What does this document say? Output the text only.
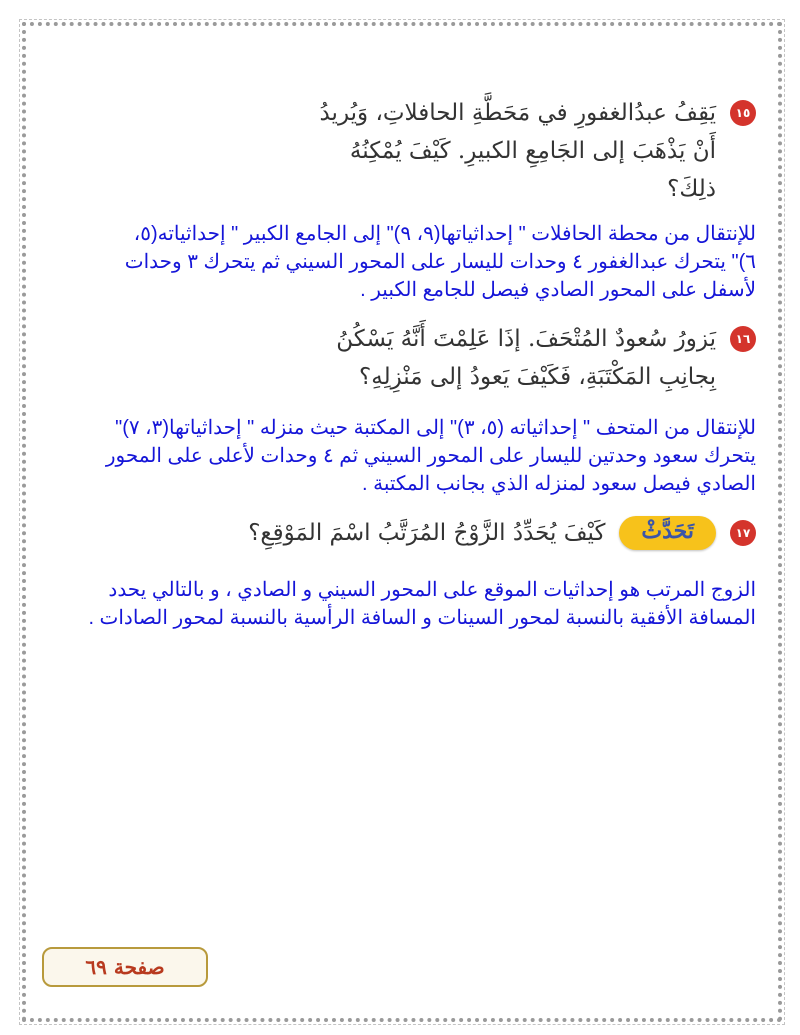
١٥
يَقِفُ عبدُالغفورِ في مَحَطَّةِ الحافلاتِ، وَيُريدُ
أَنْ يَذْهَبَ إلى الجَامِعِ الكبيرِ. كَيْفَ يُمْكِنُهُ
ذلِكَ؟
للإنتقال من محطة الحافلات " إحداثياتها(٩، ٩)" إلى الجامع الكبير " إحداثياته(٥،
٦)" يتحرك عبدالغفور ٤ وحدات لليسار على المحور السيني ثم يتحرك ٣ وحدات
لأسفل على المحور الصادي فيصل للجامع الكبير .
١٦
يَزورُ سُعودٌ المُتْحَفَ. إذَا عَلِمْتَ أَنَّهُ يَسْكُنُ
بِجانِبِ المَكْتَبَةِ، فَكَيْفَ يَعودُ إلى مَنْزِلِهِ؟
للإنتقال من المتحف " إحداثياته (٥، ٣)" إلى المكتبة حيث منزله " إحداثياتها(٣، ٧)"
يتحرك سعود وحدتين لليسار على المحور السيني ثم ٤ وحدات لأعلى على المحور
الصادي فيصل سعود لمنزله الذي بجانب المكتبة .
١٧
تَحَدَّثْ
كَيْفَ يُحَدِّدُ الزَّوْجُ المُرَتَّبُ اسْمَ المَوْقِعِ؟
الزوج المرتب هو إحداثيات الموقع على المحور السيني و الصادي ، و بالتالي يحدد
المسافة الأفقية بالنسبة لمحور السينات و السافة الرأسية بالنسبة لمحور الصادات .
صفحة ٦٩
